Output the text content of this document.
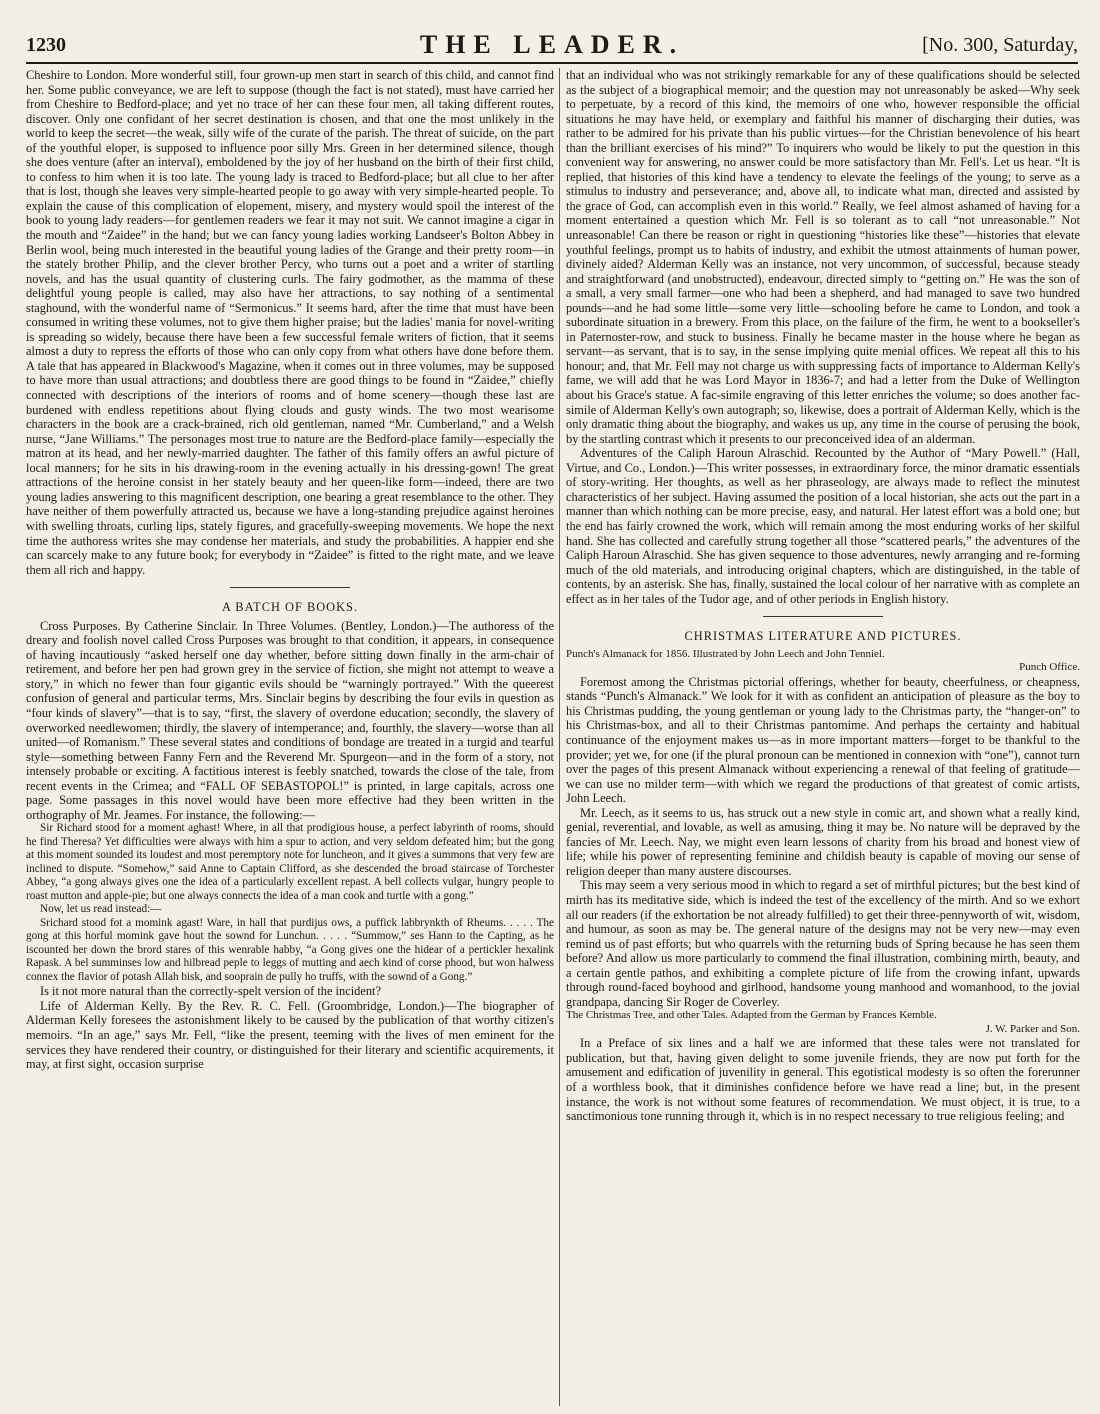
1230	THE LEADER.	[No. 300, Saturday,

Cheshire to London. More wonderful still, four grown-up men start in search of this child, and cannot find her. Some public conveyance, we are left to suppose (though the fact is not stated), must have carried her from Cheshire to Bedford-place; and yet no trace of her can these four men, all taking different routes, discover. Only one confidant of her secret destination is chosen, and that one the most unlikely in the world to keep the secret—the weak, silly wife of the curate of the parish. The threat of suicide, on the part of the youthful eloper, is supposed to influence poor silly Mrs. Green in her determined silence, though she does venture (after an interval), emboldened by the joy of her husband on the birth of their first child, to confess to him when it is too late. The young lady is traced to Bedford-place; but all clue to her after that is lost, though she leaves very simple-hearted people to go away with very simple-hearted people. To explain the cause of this complication of elopement, misery, and mystery would spoil the interest of the book to young lady readers—for gentlemen readers we fear it may not suit. We cannot imagine a cigar in the mouth and “Zaidee” in the hand; but we can fancy young ladies working Landseer's Bolton Abbey in Berlin wool, being much interested in the beautiful young ladies of the Grange and their pretty room—in the stately brother Philip, and the clever brother Percy, who turns out a poet and a writer of startling novels, and has the usual quantity of clustering curls. The fairy godmother, as the mamma of these delightful young people is called, may also have her attractions, to say nothing of a sentimental staghound, with the wonderful name of “Sermonicus.” It seems hard, after the time that must have been consumed in writing these volumes, not to give them higher praise; but the ladies' mania for novel-writing is spreading so widely, because there have been a few successful female writers of fiction, that it seems almost a duty to repress the efforts of those who can only copy from what others have done before them. A tale that has appeared in Blackwood's Magazine, when it comes out in three volumes, may be supposed to have more than usual attractions; and doubtless there are good things to be found in “Zaidee,” chiefly connected with descriptions of the interiors of rooms and of home scenery—though these last are burdened with endless repetitions about flying clouds and gusty winds. The two most wearisome characters in the book are a crack-brained, rich old gentleman, named “Mr. Cumberland,” and a Welsh nurse, “Jane Williams.” The personages most true to nature are the Bedford-place family—especially the matron at its head, and her newly-married daughter. The father of this family offers an awful picture of local manners; for he sits in his drawing-room in the evening actually in his dressing-gown! The great attractions of the heroine consist in her stately beauty and her queen-like form—indeed, there are two young ladies answering to this magnificent description, one bearing a great resemblance to the other. They have neither of them powerfully attracted us, because we have a long-standing prejudice against heroines with swelling throats, curling lips, stately figures, and gracefully-sweeping movements. We hope the next time the authoress writes she may condense her materials, and study the probabilities. A happier end she can scarcely make to any future book; for everybody in “Zaidee” is fitted to the right mate, and we leave them all rich and happy.

A BATCH OF BOOKS.

Cross Purposes. By Catherine Sinclair. In Three Volumes. (Bentley, London.)—The authoress of the dreary and foolish novel called Cross Purposes was brought to that condition, it appears, in consequence of having incautiously “asked herself one day whether, before sitting down finally in the arm-chair of retirement, and before her pen had grown grey in the service of fiction, she might not attempt to weave a story,” in which no fewer than four gigantic evils should be “warningly portrayed.” With the queerest confusion of general and particular terms, Mrs. Sinclair begins by describing the four evils in question as “four kinds of slavery”—that is to say, “first, the slavery of overdone education; secondly, the slavery of overworked needlewomen; thirdly, the slavery of intemperance; and, fourthly, the slavery—worse than all united—of Romanism.” These several states and conditions of bondage are treated in a turgid and tearful style—something between Fanny Fern and the Reverend Mr. Spurgeon—and in the form of a story, not intensely probable or exciting. A factitious interest is feebly snatched, towards the close of the tale, from recent events in the Crimea; and “FALL OF SEBASTOPOL!” is printed, in large capitals, across one page. Some passages in this novel would have been more effective had they been written in the orthography of Mr. Jeames. For instance, the following:—

Sir Richard stood for a moment aghast! Where, in all that prodigious house, a perfect labyrinth of rooms, should he find Theresa? Yet difficulties were always with him a spur to action, and very seldom defeated him; but the gong at this moment sounded its loudest and most peremptory note for luncheon, and it gives a summons that very few are inclined to dispute. “Somehow,” said Anne to Captain Clifford, as she descended the broad staircase of Torchester Abbey, “a gong always gives one the idea of a particularly excellent repast. A bell collects vulgar, hungry people to roast mutton and apple-pie; but one always connects the idea of a man cook and turtle with a gong.”

Now, let us read instead:—

Srichard stood fot a momink agast! Ware, in hall that purdijus ows, a puffick labbrynkth of Rheums. . . . . The gong at this horful momink gave hout the sownd for Lunchun. . . . . “Summow,” ses Hann to the Capting, as he iscounted her down the brord stares of this wenrable habby, “a Gong gives one the hidear of a pertickler hexalink Rapask. A bel summinses low and hilbread peple to leggs of mutting and aech kind of corse phood, but won halwess connex the flavior of potash Allah bisk, and sooprain de pully ho truffs, with the sownd of a Gong.”

Is it not more natural than the correctly-spelt version of the incident?

Life of Alderman Kelly. By the Rev. R. C. Fell. (Groombridge, London.)—The biographer of Alderman Kelly foresees the astonishment likely to be caused by the publication of that worthy citizen's memoirs. “In an age,” says Mr. Fell, “like the present, teeming with the lives of men eminent for the services they have rendered their country, or distinguished for their literary and scientific acquirements, it may, at first sight, occasion surprise

that an individual who was not strikingly remarkable for any of these qualifications should be selected as the subject of a biographical memoir; and the question may not unreasonably be asked—Why seek to perpetuate, by a record of this kind, the memoirs of one who, however responsible the official situations he may have held, or exemplary and faithful his manner of discharging their duties, was rather to be admired for his private than his public virtues—for the Christian benevolence of his heart than the brilliant exercises of his mind?” To inquirers who would be likely to put the question in this convenient way for answering, no answer could be more satisfactory than Mr. Fell's. Let us hear. “It is replied, that histories of this kind have a tendency to elevate the feelings of the young; to serve as a stimulus to industry and perseverance; and, above all, to indicate what man, directed and assisted by the grace of God, can accomplish even in this world.” Really, we feel almost ashamed of having for a moment entertained a question which Mr. Fell is so tolerant as to call “not unreasonable.” Not unreasonable! Can there be reason or right in questioning “histories like these”—histories that elevate youthful feelings, prompt us to habits of industry, and exhibit the utmost attainments of human power, divinely aided? Alderman Kelly was an instance, not very uncommon, of successful, because steady and straightforward (and unobstructed), endeavour, directed simply to “getting on.” He was the son of a small, a very small farmer—one who had been a shepherd, and had managed to save two hundred pounds—and he had some little—some very little—schooling before he came to London, and took a subordinate situation in a brewery. From this place, on the failure of the firm, he went to a bookseller's in Paternoster-row, and stuck to business. Finally he became master in the house where he began as servant—as servant, that is to say, in the sense implying quite menial offices. We repeat all this to his honour; and, that Mr. Fell may not charge us with suppressing facts of importance to Alderman Kelly's fame, we will add that he was Lord Mayor in 1836-7; and had a letter from the Duke of Wellington about his Grace's statue. A fac-simile engraving of this letter enriches the volume; so does another fac-simile of Alderman Kelly's own autograph; so, likewise, does a portrait of Alderman Kelly, which is the only dramatic thing about the biography, and wakes us up, any time in the course of perusing the book, by the startling contrast which it presents to our preconceived idea of an alderman.

Adventures of the Caliph Haroun Alraschid. Recounted by the Author of “Mary Powell.” (Hall, Virtue, and Co., London.)—This writer possesses, in extraordinary force, the minor dramatic essentials of story-writing. Her thoughts, as well as her phraseology, are always made to reflect the minutest characteristics of her subject. Having assumed the position of a local historian, she acts out the part in a manner than which nothing can be more precise, easy, and natural. Her latest effort was a bold one; but the end has fairly crowned the work, which will remain among the most enduring works of her skilful hand. She has collected and carefully strung together all those “scattered pearls,” the adventures of the Caliph Haroun Alraschid. She has given sequence to those adventures, newly arranging and re-forming much of the old materials, and introducing original chapters, which are distinguished, in the table of contents, by an asterisk. She has, finally, sustained the local colour of her narrative with as complete an effect as in her tales of the Tudor age, and of other periods in English history.

CHRISTMAS LITERATURE AND PICTURES.

Punch's Almanack for 1856. Illustrated by John Leech and John Tenniel.

Punch Office.

Foremost among the Christmas pictorial offerings, whether for beauty, cheerfulness, or cheapness, stands “Punch's Almanack.” We look for it with as confident an anticipation of pleasure as the boy to his Christmas pudding, the young gentleman or young lady to the Christmas party, the “hanger-on” to his Christmas-box, and all to their Christmas pantomime. And perhaps the certainty and habitual continuance of the enjoyment makes us—as in more important matters—forget to be thankful to the provider; yet we, for one (if the plural pronoun can be mentioned in connexion with “one”), cannot turn over the pages of this present Almanack without experiencing a renewal of that feeling of gratitude—we can use no milder term—with which we regard the productions of that greatest of comic artists, John Leech.

Mr. Leech, as it seems to us, has struck out a new style in comic art, and shown what a really kind, genial, reverential, and lovable, as well as amusing, thing it may be. No nature will be depraved by the fancies of Mr. Leech. Nay, we might even learn lessons of charity from his broad and honest view of life; while his power of representing feminine and childish beauty is capable of moving our sense of religion deeper than many austere discourses.

This may seem a very serious mood in which to regard a set of mirthful pictures; but the best kind of mirth has its meditative side, which is indeed the test of the excellency of the mirth. And so we exhort all our readers (if the exhortation be not already fulfilled) to get their three-pennyworth of wit, wisdom, and humour, as soon as may be. The general nature of the designs may not be very new—may even remind us of past efforts; but who quarrels with the returning buds of Spring because he has seen them before? And allow us more particularly to commend the final illustration, combining mirth, beauty, and a certain gentle pathos, and exhibiting a complete picture of life from the crowing infant, upwards through round-faced boyhood and girlhood, handsome young manhood and womanhood, to the jovial grandpapa, dancing Sir Roger de Coverley.

The Christmas Tree, and other Tales. Adapted from the German by Frances Kemble.

J. W. Parker and Son.

In a Preface of six lines and a half we are informed that these tales were not translated for publication, but that, having given delight to some juvenile friends, they are now put forth for the amusement and edification of juvenility in general. This egotistical modesty is so often the forerunner of a worthless book, that it diminishes confidence before we have read a line; but, in the present instance, the work is not without some features of recommendation. We must object, it is true, to a sanctimonious tone running through it, which is in no respect necessary to true religious feeling; and
